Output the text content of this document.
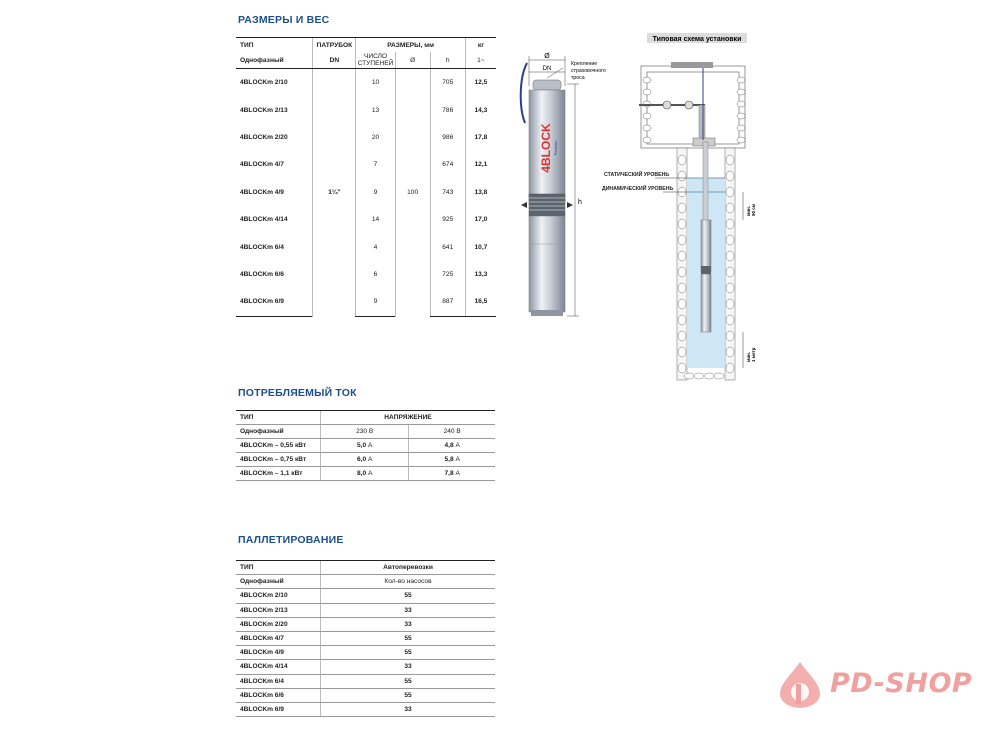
РАЗМЕРЫ И ВЕС
ПОТРЕБЛЯЕМЫЙ ТОК
ПАЛЛЕТИРОВАНИЕ
ТИП	ПАТРУБОК	РАЗМЕРЫ, мм			кг
Однофазный	DN	ЧИСЛО СТУПЕНЕЙ	Ø	h	1~
4BLOCKm 2/10	1¼"	10	100	705	12,5
4BLOCKm 2/13		13		786	14,3
4BLOCKm 2/20		20		986	17,8
4BLOCKm 4/7		7		674	12,1
4BLOCKm 4/9		9		743	13,8
4BLOCKm 4/14		14		925	17,0
4BLOCKm 6/4		4		641	10,7
4BLOCKm 6/6		6		725	13,3
4BLOCKm 6/9		9		887	16,5
ТИП	НАПРЯЖЕНИЕ	
Однофазный	230 В	240 В
4BLOCKm – 0,55 кВт	5,0 А	4,8 А
4BLOCKm – 0,75 кВт	6,0 А	5,8 А
4BLOCKm – 1,1 кВт	8,0 А	7,8 А
ТИП	Автоперевозки
Однофазный	Кол-во насосов
4BLOCKm 2/10	55
4BLOCKm 2/13	33
4BLOCKm 2/20	33
4BLOCKm 4/7	55
4BLOCKm 4/9	55
4BLOCKm 4/14	33
4BLOCKm 6/4	55
4BLOCKm 6/6	55
4BLOCKm 6/9	33
Ø
DN
4BLOCK Pedrollo
h
Крепление
страховочного
троса
Типовая схема установки
мин. 50 см
мин. 1 метр
СТАТИЧЕСКИЙ УРОВЕНЬ
ДИНАМИЧЕСКИЙ УРОВЕНЬ
PD-SHOP
